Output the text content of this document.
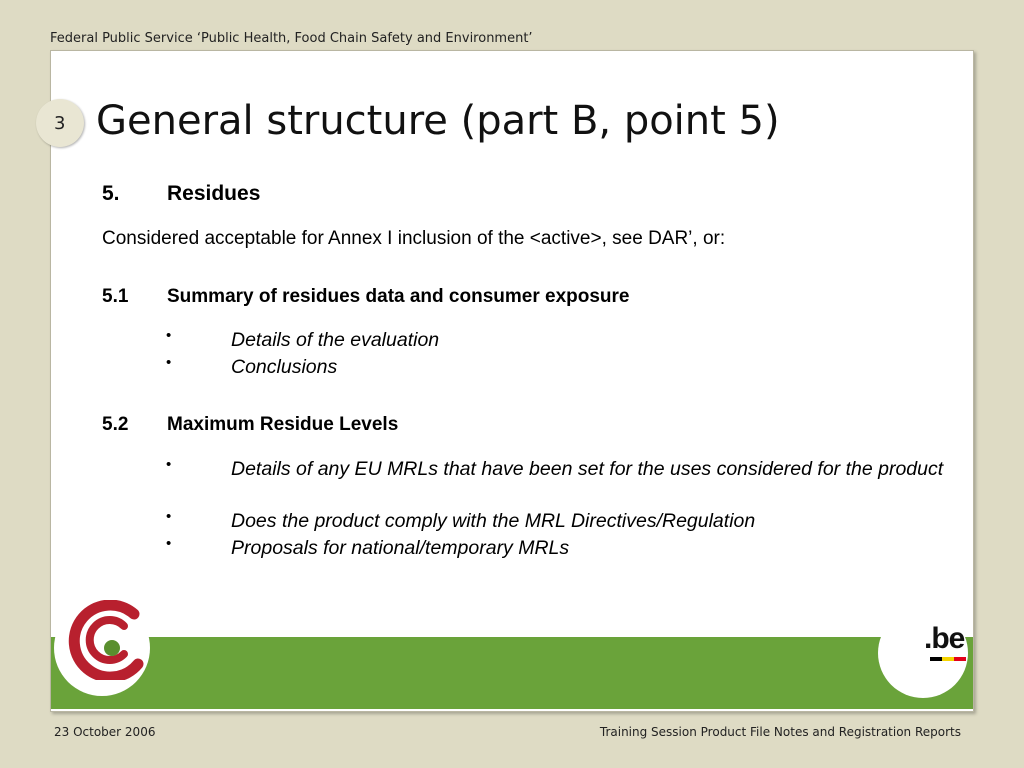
Federal Public Service ‘Public Health, Food Chain Safety and Environment’
3 General structure (part B, point 5)
5. Residues
Considered acceptable for Annex I inclusion of the <active>, see DAR’, or:
5.1 Summary of residues data and consumer exposure
•	Details of the evaluation
•	Conclusions
5.2 Maximum Residue Levels
•	Details of any EU MRLs that have been set for the uses considered for the product
•	Does the product comply with the MRL Directives/Regulation
•	Proposals for national/temporary MRLs
.be
23 October 2006	Training Session Product File Notes and Registration Reports
